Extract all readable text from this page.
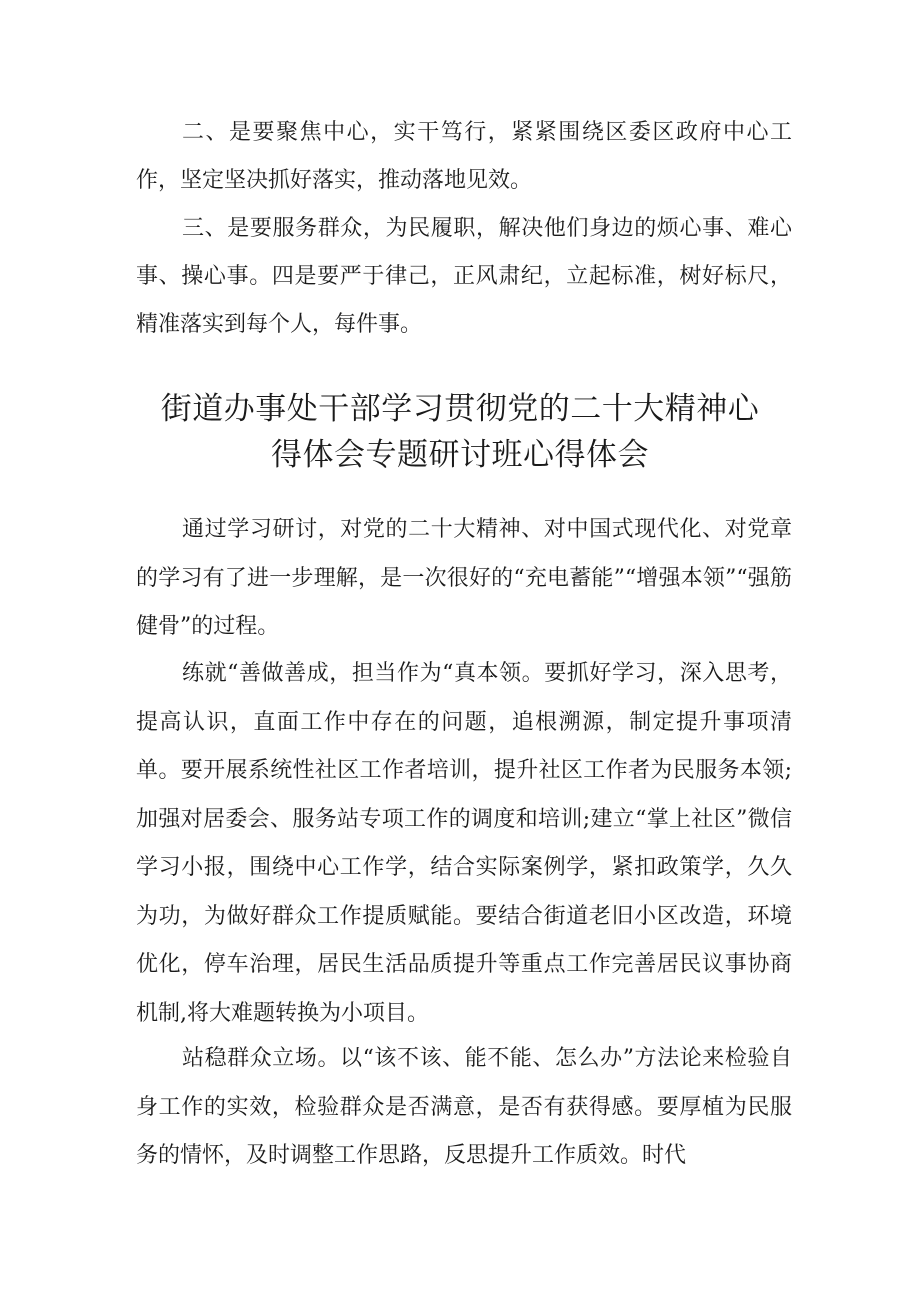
二、是要聚焦中心，实干笃行，紧紧围绕区委区政府中心工作，坚定坚决抓好落实，推动落地见效。

三、是要服务群众，为民履职，解决他们身边的烦心事、难心事、操心事。四是要严于律己，正风肃纪，立起标准，树好标尺，精准落实到每个人，每件事。

街道办事处干部学习贯彻党的二十大精神心
得体会专题研讨班心得体会

通过学习研讨，对党的二十大精神、对中国式现代化、对党章的学习有了进一步理解，是一次很好的“充电蓄能”“增强本领”“强筋健骨”的过程。

练就“善做善成，担当作为“真本领。要抓好学习，深入思考，提高认识，直面工作中存在的问题，追根溯源，制定提升事项清单。要开展系统性社区工作者培训，提升社区工作者为民服务本领;加强对居委会、服务站专项工作的调度和培训;建立“掌上社区”微信学习小报，围绕中心工作学，结合实际案例学，紧扣政策学，久久为功，为做好群众工作提质赋能。要结合街道老旧小区改造，环境优化，停车治理，居民生活品质提升等重点工作完善居民议事协商机制,将大难题转换为小项目。

站稳群众立场。以“该不该、能不能、怎么办”方法论来检验自身工作的实效，检验群众是否满意，是否有获得感。要厚植为民服务的情怀，及时调整工作思路，反思提升工作质效。时代
